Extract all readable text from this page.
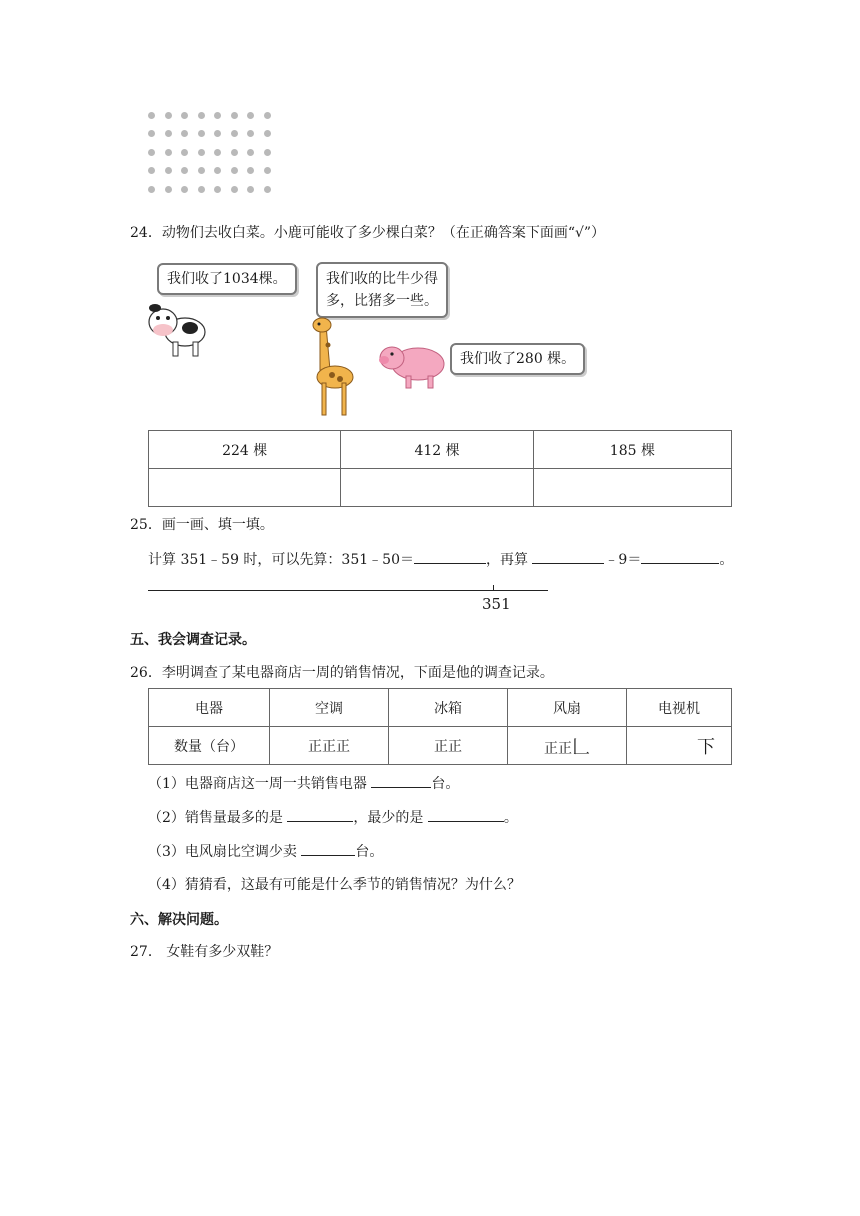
24．动物们去收白菜。小鹿可能收了多少棵白菜？（在正确答案下面画“√”）
我们收了1034棵。	我们收的比牛少得
多，比猪多一些。
我们收了280 棵。
224 棵	412 棵	185 棵

25．画一画、填一填。
计算 351﹣59 时，可以先算：351﹣50＝	，再算	﹣9＝	。
351
五、我会调查记录。
26．李明调查了某电器商店一周的销售情况，下面是他的调查记录。
电器	空调	冰箱	风扇	电视机
数量（台）	正正正	正正	正正𠃊	下
（1）电器商店这一周一共销售电器	台。
（2）销售量最多的是	，最少的是	。
（3）电风扇比空调少卖	台。
（4）猜猜看，这最有可能是什么季节的销售情况？为什么？
六、解决问题。
27． 女鞋有多少双鞋？
